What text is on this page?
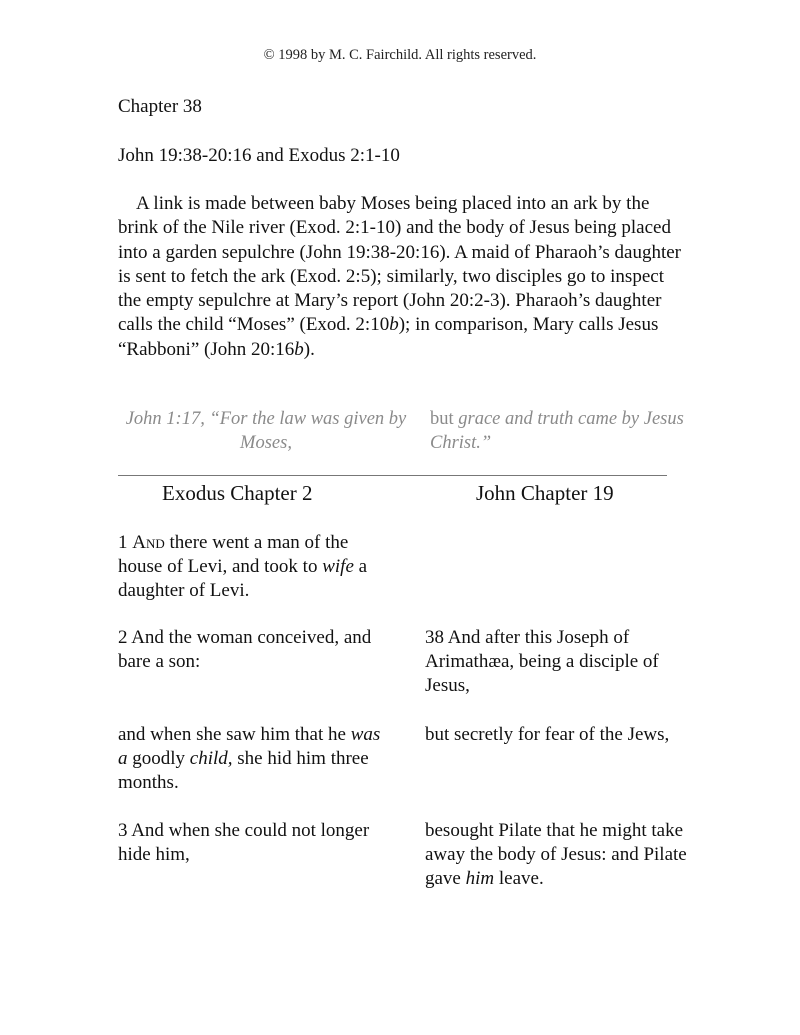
© 1998 by M. C. Fairchild. All rights reserved.
Chapter 38
John 19:38-20:16 and Exodus 2:1-10
A link is made between baby Moses being placed into an ark by the brink of the Nile river (Exod. 2:1-10) and the body of Jesus being placed into a garden sepulchre (John 19:38-20:16). A maid of Pharaoh’s daughter is sent to fetch the ark (Exod. 2:5); similarly, two disciples go to inspect the empty sepulchre at Mary’s report (John 20:2-3). Pharaoh’s daughter calls the child “Moses” (Exod. 2:10b); in comparison, Mary calls Jesus “Rabboni” (John 20:16b).
John 1:17, “For the law was given by Moses,
but grace and truth came by Jesus Christ.”
Exodus Chapter 2	John Chapter 19
1 And there went a man of the house of Levi, and took to wife a daughter of Levi.
2 And the woman conceived, and bare a son:
38 And after this Joseph of Arimathæa, being a disciple of Jesus,
and when she saw him that he was a goodly child, she hid him three months.
but secretly for fear of the Jews,
3 And when she could not longer hide him,
besought Pilate that he might take away the body of Jesus: and Pilate gave him leave.
